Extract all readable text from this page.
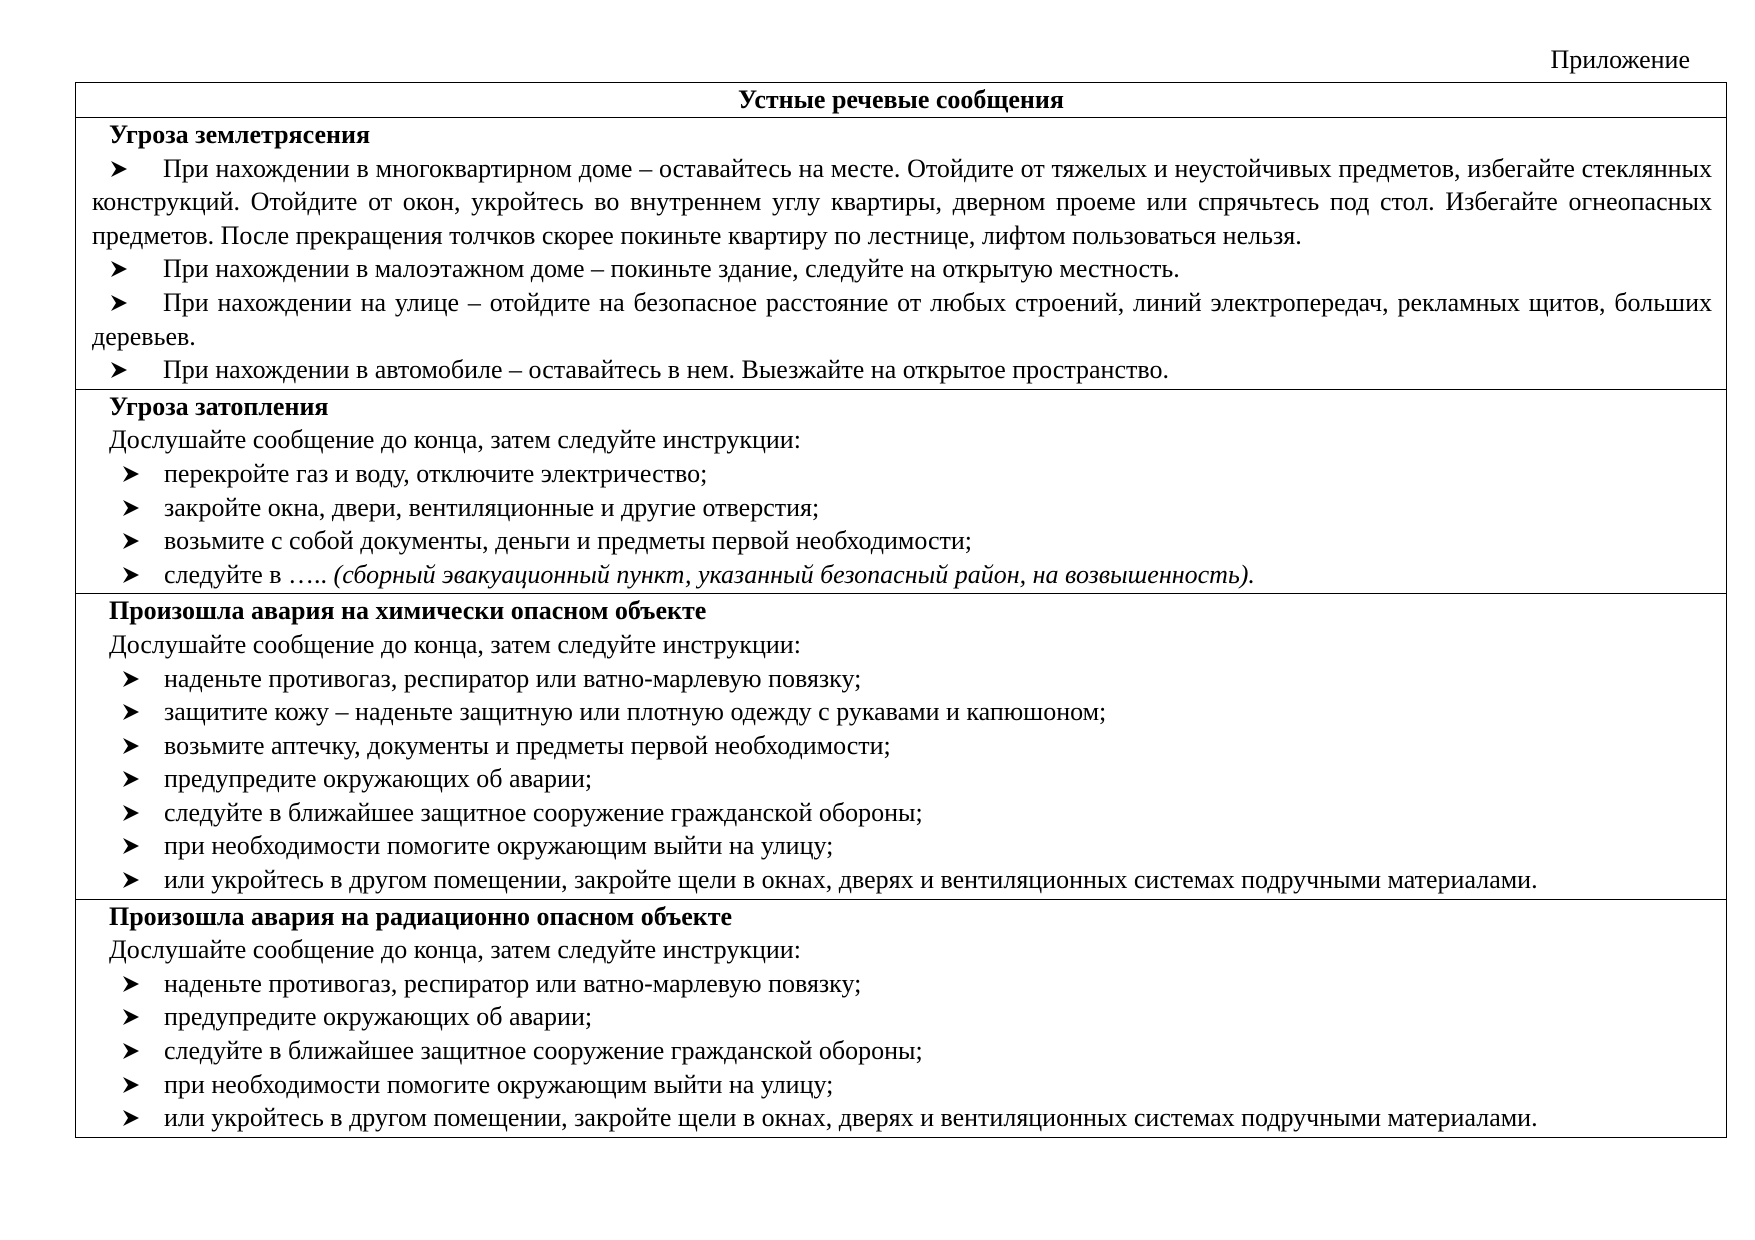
Приложение
Устные речевые сообщения
Угроза землетрясения
При нахождении в многоквартирном доме – оставайтесь на месте. Отойдите от тяжелых и неустойчивых предметов, избегайте стеклянных конструкций. Отойдите от окон, укройтесь во внутреннем углу квартиры, дверном проеме или спрячьтесь под стол. Избегайте огнеопасных предметов. После прекращения толчков скорее покиньте квартиру по лестнице, лифтом пользоваться нельзя.
При нахождении в малоэтажном доме – покиньте здание, следуйте на открытую местность.
При нахождении на улице – отойдите на безопасное расстояние от любых строений, линий электропередач, рекламных щитов, больших деревьев.
При нахождении в автомобиле – оставайтесь в нем. Выезжайте на открытое пространство.
Угроза затопления
Дослушайте сообщение до конца, затем следуйте инструкции:
перекройте газ и воду, отключите электричество;
закройте окна, двери, вентиляционные и другие отверстия;
возьмите с собой документы, деньги и предметы первой необходимости;
следуйте в ….. (сборный эвакуационный пункт, указанный безопасный район, на возвышенность).
Произошла авария на химически опасном объекте
Дослушайте сообщение до конца, затем следуйте инструкции:
наденьте противогаз, респиратор или ватно-марлевую повязку;
защитите кожу – наденьте защитную или плотную одежду с рукавами и капюшоном;
возьмите аптечку, документы и предметы первой необходимости;
предупредите окружающих об аварии;
следуйте в ближайшее защитное сооружение гражданской обороны;
при необходимости помогите окружающим выйти на улицу;
или укройтесь в другом помещении, закройте щели в окнах, дверях и вентиляционных системах подручными материалами.
Произошла авария на радиационно опасном объекте
Дослушайте сообщение до конца, затем следуйте инструкции:
наденьте противогаз, респиратор или ватно-марлевую повязку;
предупредите окружающих об аварии;
следуйте в ближайшее защитное сооружение гражданской обороны;
при необходимости помогите окружающим выйти на улицу;
или укройтесь в другом помещении, закройте щели в окнах, дверях и вентиляционных системах подручными материалами.
